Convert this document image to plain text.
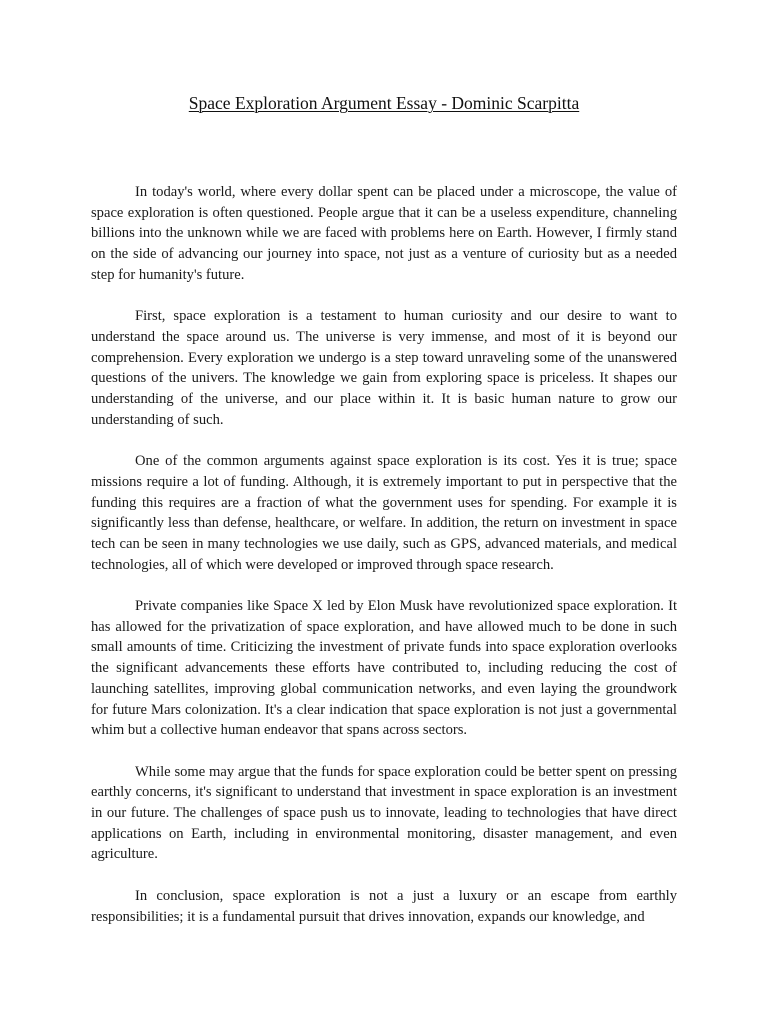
Space Exploration Argument Essay - Dominic Scarpitta

In today's world, where every dollar spent can be placed under a microscope, the value of space exploration is often questioned. People argue that it can be a useless expenditure, channeling billions into the unknown while we are faced with problems here on Earth. However, I firmly stand on the side of advancing our journey into space, not just as a venture of curiosity but as a needed step for humanity's future.

First, space exploration is a testament to human curiosity and our desire to want to understand the space around us. The universe is very immense, and most of it is beyond our comprehension. Every exploration we undergo is a step toward unraveling some of the unanswered questions of the univers. The knowledge we gain from exploring space is priceless. It shapes our understanding of the universe, and our place within it. It is basic human nature to grow our understanding of such.

One of the common arguments against space exploration is its cost. Yes it is true; space missions require a lot of funding. Although, it is extremely important to put in perspective that the funding this requires are a fraction of what the government uses for spending. For example it is significantly less than defense, healthcare, or welfare. In addition, the return on investment in space tech can be seen in many technologies we use daily, such as GPS, advanced materials, and medical technologies, all of which were developed or improved through space research.

Private companies like Space X led by Elon Musk have revolutionized space exploration. It has allowed for the privatization of space exploration, and have allowed much to be done in such small amounts of time. Criticizing the investment of private funds into space exploration overlooks the significant advancements these efforts have contributed to, including reducing the cost of launching satellites, improving global communication networks, and even laying the groundwork for future Mars colonization. It's a clear indication that space exploration is not just a governmental whim but a collective human endeavor that spans across sectors.

While some may argue that the funds for space exploration could be better spent on pressing earthly concerns, it's significant to understand that investment in space exploration is an investment in our future. The challenges of space push us to innovate, leading to technologies that have direct applications on Earth, including in environmental monitoring, disaster management, and even agriculture.

In conclusion, space exploration is not a just a luxury or an escape from earthly responsibilities; it is a fundamental pursuit that drives innovation, expands our knowledge, and
